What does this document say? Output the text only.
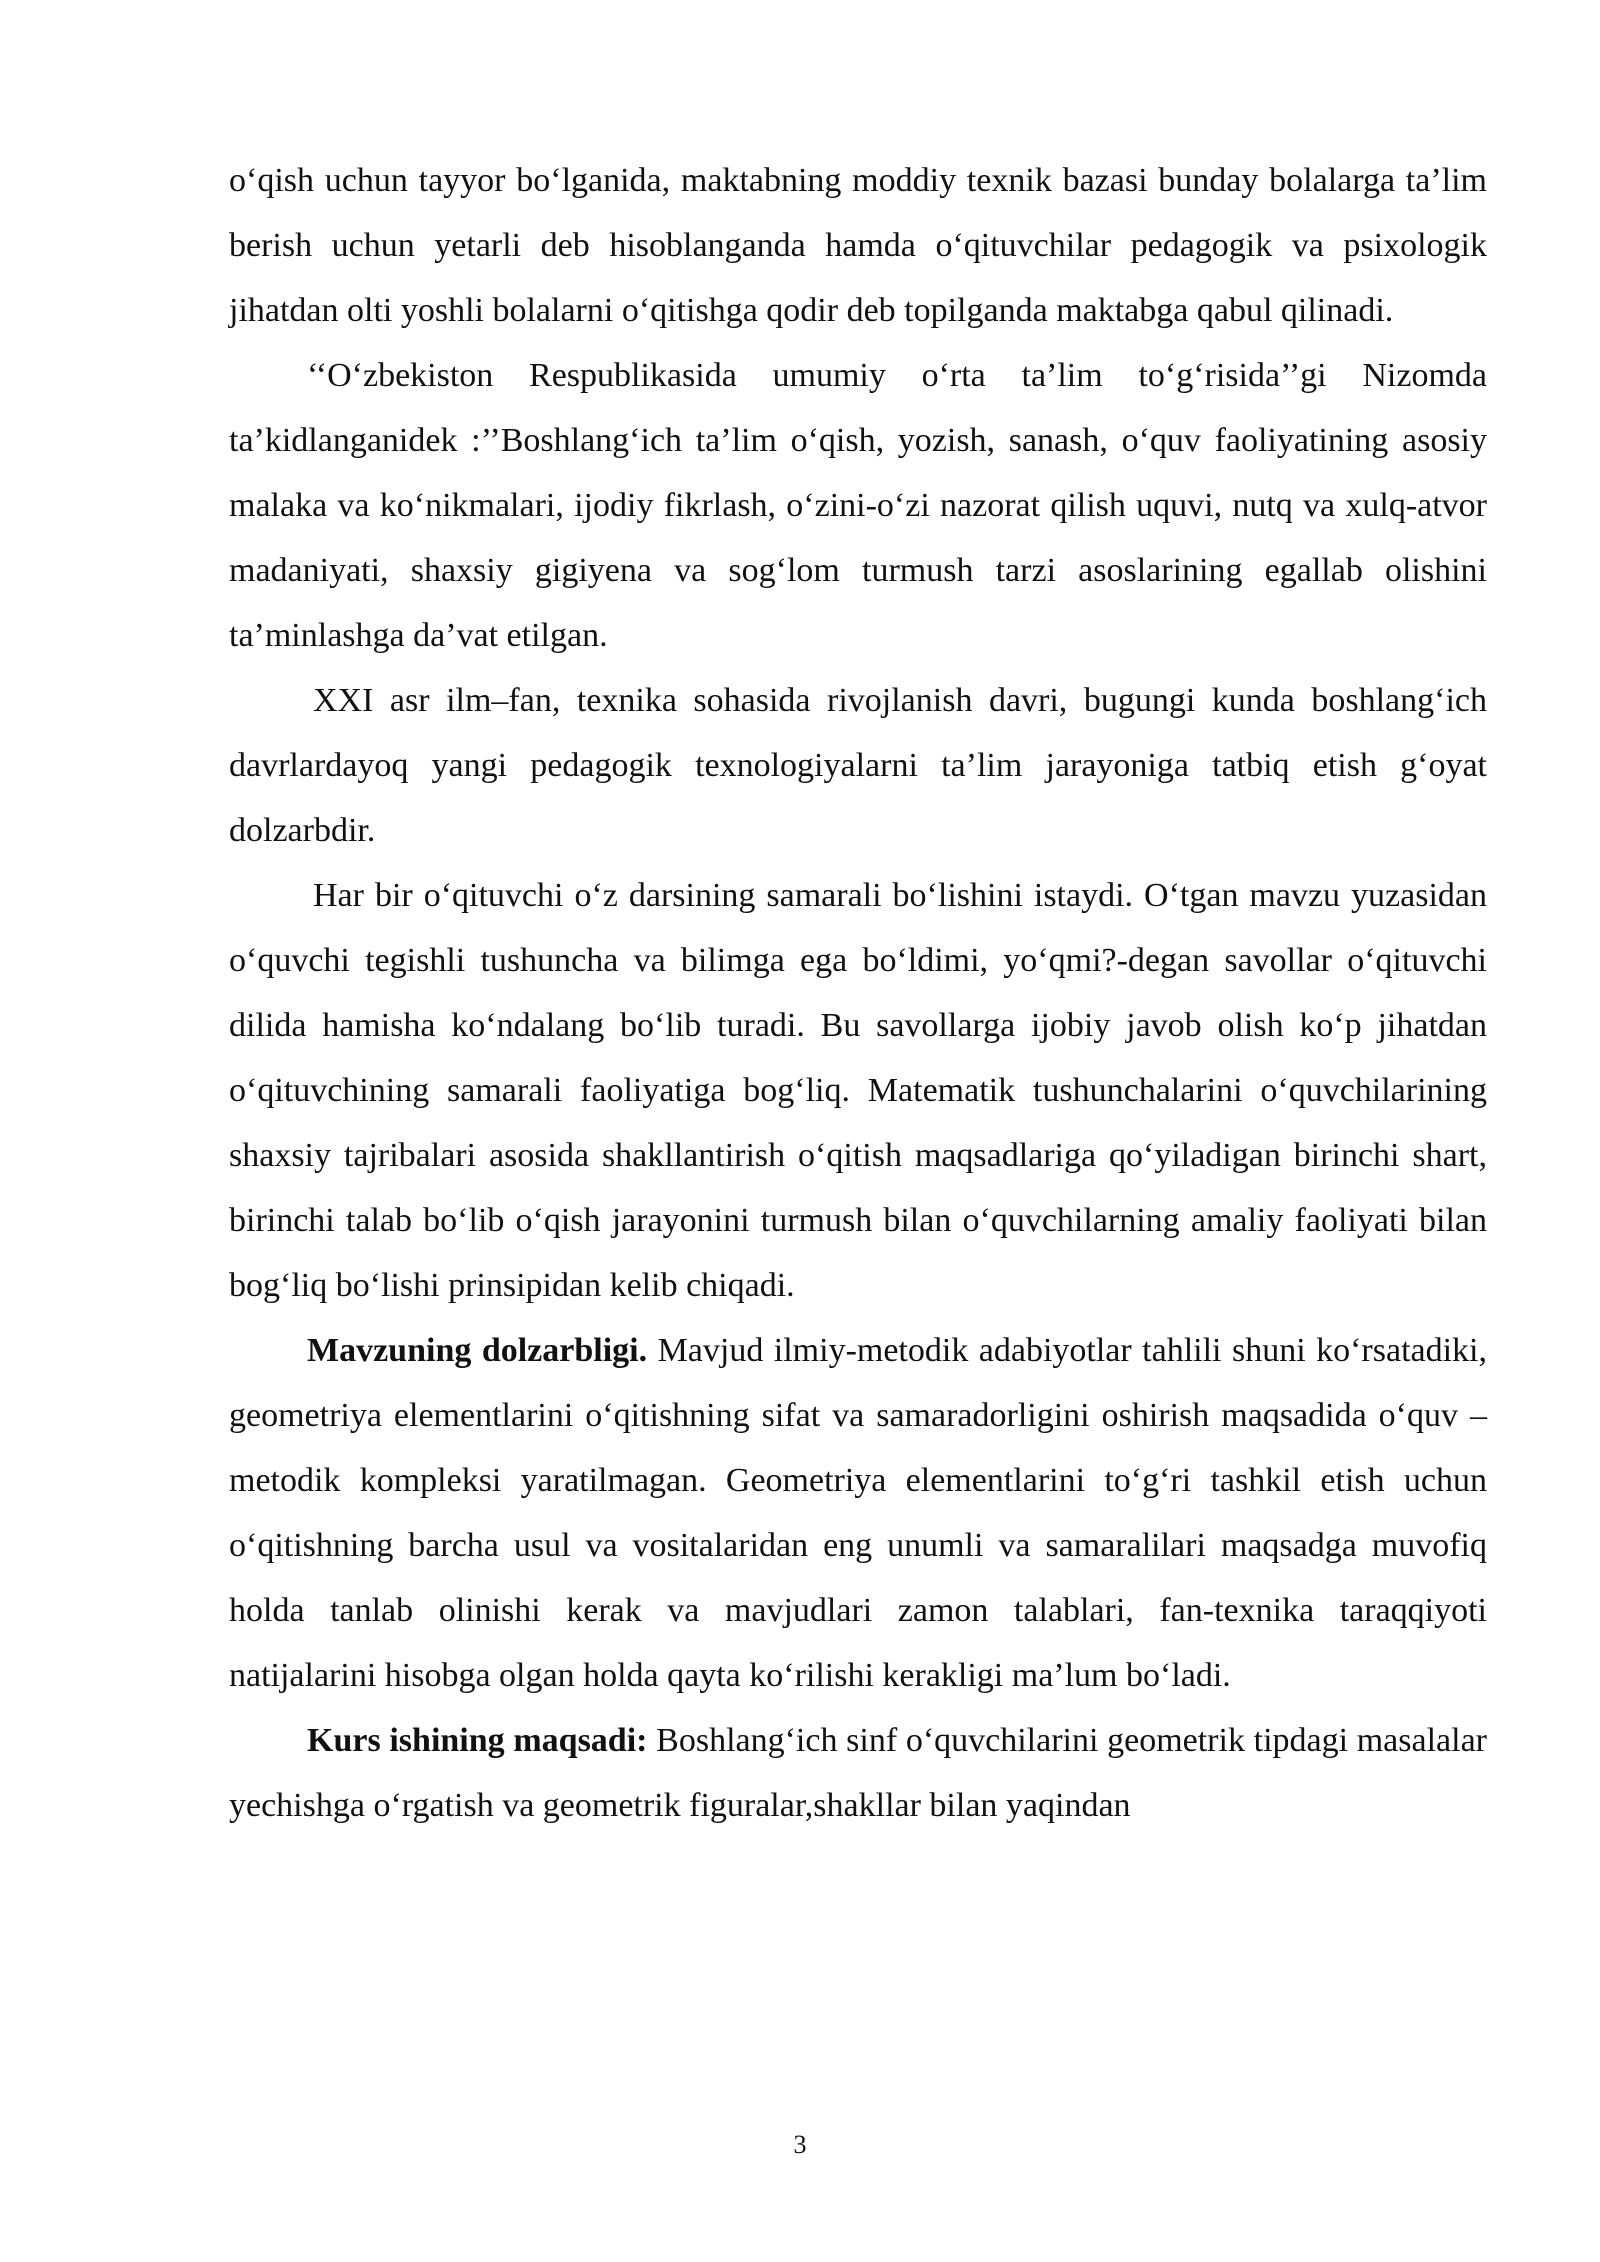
o‘qish uchun tayyor bo‘lganida, maktabning moddiy texnik bazasi bunday bolalarga ta’lim berish uchun yetarli deb hisoblanganda hamda o‘qituvchilar pedagogik va psixologik jihatdan olti yoshli bolalarni o‘qitishga qodir deb topilganda maktabga qabul qilinadi.

‘‘O‘zbekiston Respublikasida umumiy o‘rta ta’lim to‘g‘risida’’gi Nizomda ta’kidlanganidek :’’Boshlang‘ich ta’lim o‘qish, yozish, sanash, o‘quv faoliyatining asosiy malaka va ko‘nikmalari, ijodiy fikrlash, o‘zini-o‘zi nazorat qilish uquvi, nutq va xulq-atvor madaniyati, shaxsiy gigiyena va sog‘lom turmush tarzi asoslarining egallab olishini ta’minlashga da’vat etilgan.

XXI asr ilm–fan, texnika sohasida rivojlanish davri, bugungi kunda boshlang‘ich davrlardayoq yangi pedagogik texnologiyalarni ta’lim jarayoniga tatbiq etish g‘oyat dolzarbdir.

Har bir o‘qituvchi o‘z darsining samarali bo‘lishini istaydi. O‘tgan mavzu yuzasidan o‘quvchi tegishli tushuncha va bilimga ega bo‘ldimi, yo‘qmi?-degan savollar o‘qituvchi dilida hamisha ko‘ndalang bo‘lib turadi. Bu savollarga ijobiy javob olish ko‘p jihatdan o‘qituvchining samarali faoliyatiga bog‘liq. Matematik tushunchalarini o‘quvchilarining shaxsiy tajribalari asosida shakllantirish o‘qitish maqsadlariga qo‘yiladigan birinchi shart, birinchi talab bo‘lib o‘qish jarayonini turmush bilan o‘quvchilarning amaliy faoliyati bilan bog‘liq bo‘lishi prinsipidan kelib chiqadi.

Mavzuning dolzarbligi. Mavjud ilmiy-metodik adabiyotlar tahlili shuni ko‘rsatadiki, geometriya elementlarini o‘qitishning sifat va samaradorligini oshirish maqsadida o‘quv – metodik kompleksi yaratilmagan. Geometriya elementlarini to‘g‘ri tashkil etish uchun o‘qitishning barcha usul va vositalaridan eng unumli va samaralilari maqsadga muvofiq holda tanlab olinishi kerak va mavjudlari zamon talablari, fan-texnika taraqqiyoti natijalarini hisobga olgan holda qayta ko‘rilishi kerakligi ma’lum bo‘ladi.

Kurs ishining maqsadi: Boshlang‘ich sinf o‘quvchilarini geometrik tipdagi masalalar yechishga o‘rgatish va geometrik figuralar,shakllar bilan yaqindan

3
